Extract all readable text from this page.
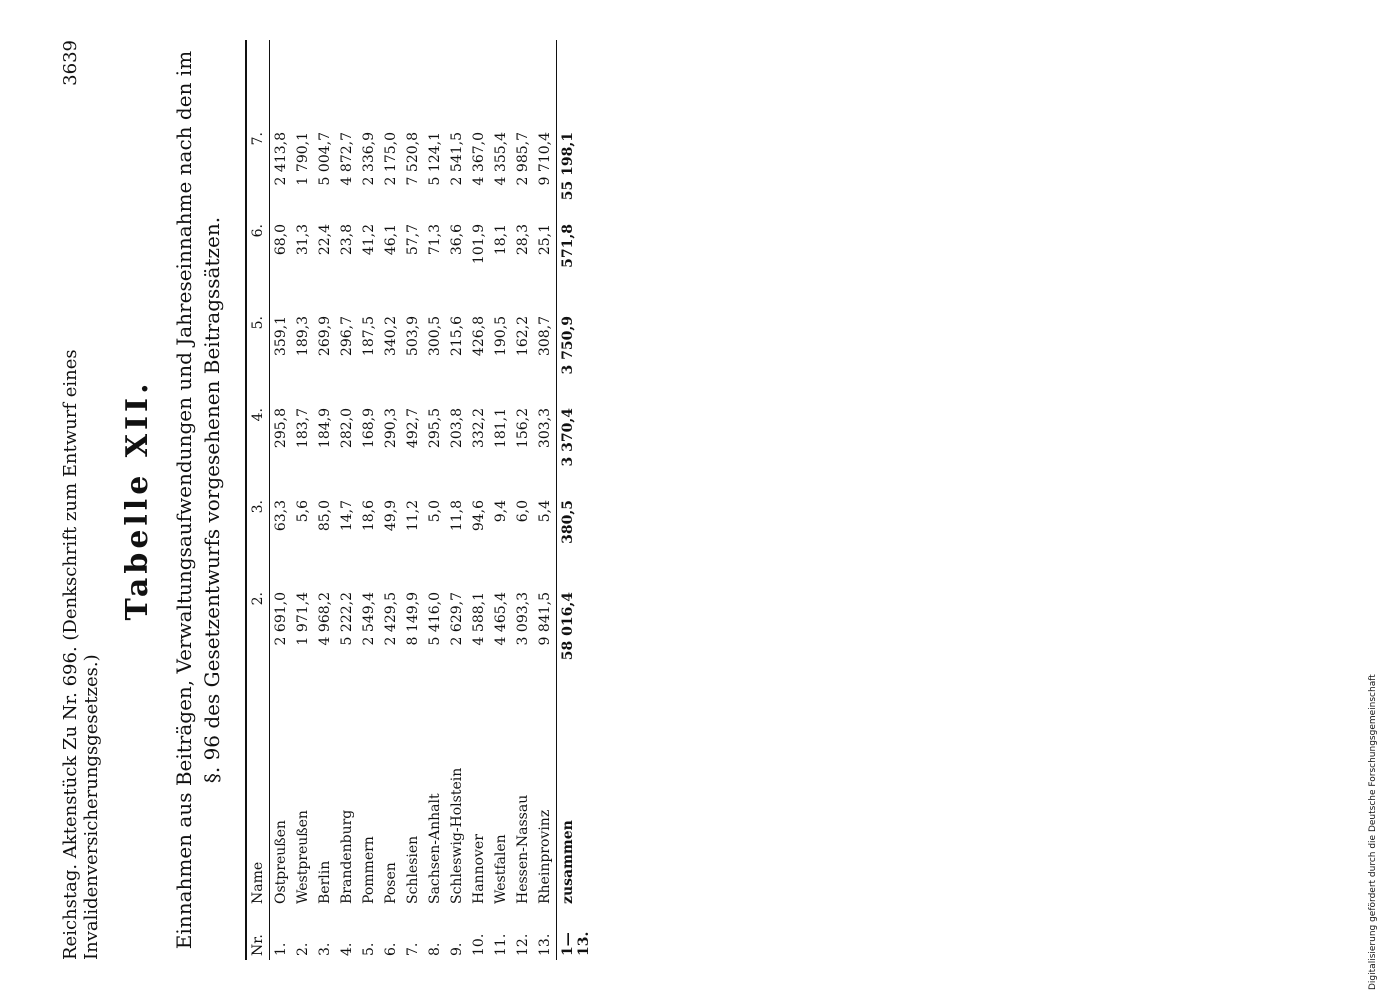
Reichstag. Aktenstück Zu Nr. 696. (Denkschrift zum Entwurf eines Invalidenversicherungsgesetzes.)
3639
Tabelle XII. Einnahmen aus Beiträgen, Verwaltungsaufwendungen und Jahreseinnahme nach den im §. 96 des Gesetzentwurfs vorgesehenen Beitragssätzen.
Nr.
Name
2.
3.
4.
5.
6.
7.
1.
Ostpreußen
2 691,0
63,3
295,8
359,1
68,0
2 413,8
2.
Westpreußen
1 971,4
5,6
183,7
189,3
31,3
1 790,1
3.
Berlin
4 968,2
85,0
184,9
269,9
22,4
5 004,7
4.
Brandenburg
5 222,2
14,7
282,0
296,7
23,8
4 872,7
5.
Pommern
2 549,4
18,6
168,9
187,5
41,2
2 336,9
6.
Posen
2 429,5
49,9
290,3
340,2
46,1
2 175,0
7.
Schlesien
8 149,9
11,2
492,7
503,9
57,7
7 520,8
8.
Sachsen-Anhalt
5 416,0
5,0
295,5
300,5
71,3
5 124,1
9.
Schleswig-Holstein
2 629,7
11,8
203,8
215,6
36,6
2 541,5
10.
Hannover
4 588,1
94,6
332,2
426,8
101,9
4 367,0
11.
Westfalen
4 465,4
9,4
181,1
190,5
18,1
4 355,4
12.
Hessen-Nassau
3 093,3
6,0
156,2
162,2
28,3
2 985,7
13.
Rheinprovinz
9 841,5
5,4
303,3
308,7
25,1
9 710,4
1—13.
zusammen
58 016,4
380,5
3 370,4
3 750,9
571,8
55 198,1
Digitalisierung gefördert durch die Deutsche Forschungsgemeinschaft
